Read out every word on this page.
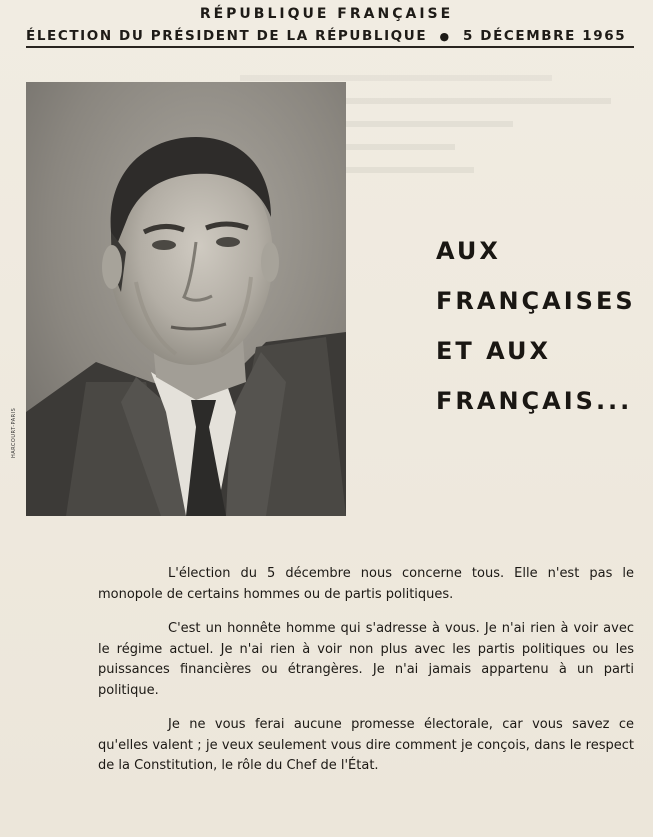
RÉPUBLIQUE FRANÇAISE
ÉLECTION DU PRÉSIDENT DE LA RÉPUBLIQUE ● 5 DÉCEMBRE 1965
HARCOURT-PARIS
AUX
FRANÇAISES
ET AUX
FRANÇAIS...

L'élection du 5 décembre nous concerne tous. Elle n'est pas le monopole de certains hommes ou de partis politiques.

C'est un honnête homme qui s'adresse à vous. Je n'ai rien à voir avec le régime actuel. Je n'ai rien à voir non plus avec les partis politiques ou les puissances financières ou étrangères. Je n'ai jamais appartenu à un parti politique.

Je ne vous ferai aucune promesse électorale, car vous savez ce qu'elles valent ; je veux seulement vous dire comment je conçois, dans le respect de la Constitution, le rôle du Chef de l'État.
